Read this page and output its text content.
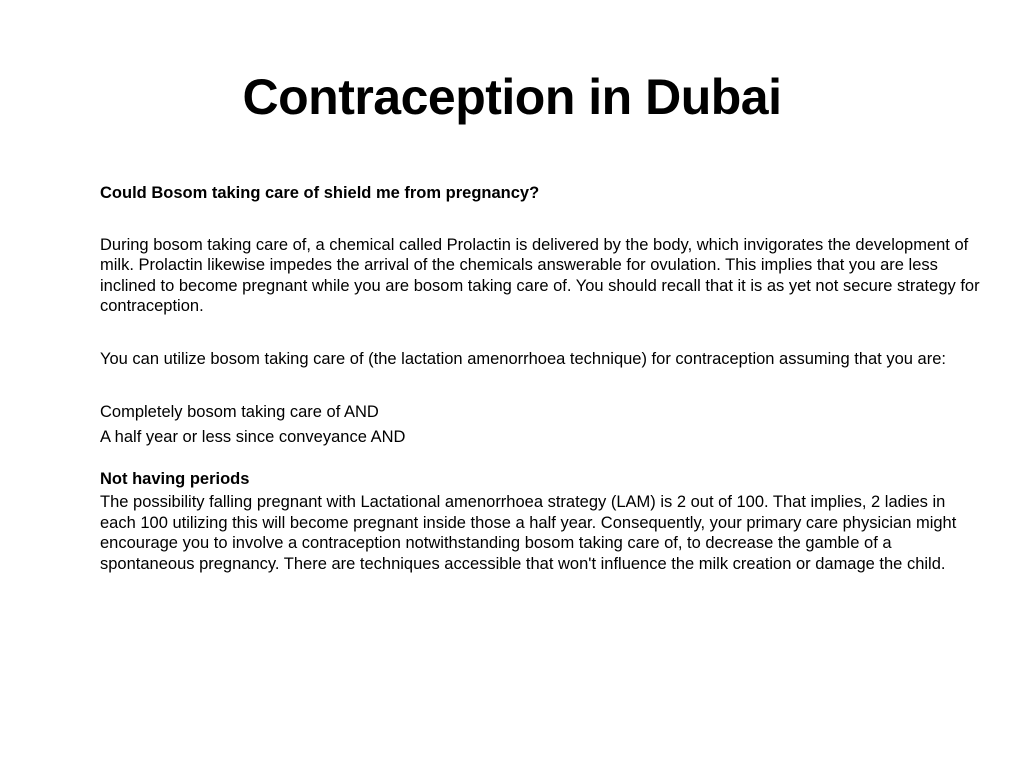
Contraception in Dubai

Could Bosom taking care of shield me from pregnancy?

During bosom taking care of, a chemical called Prolactin is delivered by the body, which invigorates the development of milk. Prolactin likewise impedes the arrival of the chemicals answerable for ovulation. This implies that you are less inclined to become pregnant while you are bosom taking care of. You should recall that it is as yet not secure strategy for contraception.

You can utilize bosom taking care of (the lactation amenorrhoea technique) for contraception assuming that you are:

Completely bosom taking care of AND

A half year or less since conveyance AND

Not having periods

The possibility falling pregnant with Lactational amenorrhoea strategy (LAM) is 2 out of 100. That implies, 2 ladies in each 100 utilizing this will become pregnant inside those a half year. Consequently, your primary care physician might encourage you to involve a contraception notwithstanding bosom taking care of, to decrease the gamble of a spontaneous pregnancy. There are techniques accessible that won't influence the milk creation or damage the child.
